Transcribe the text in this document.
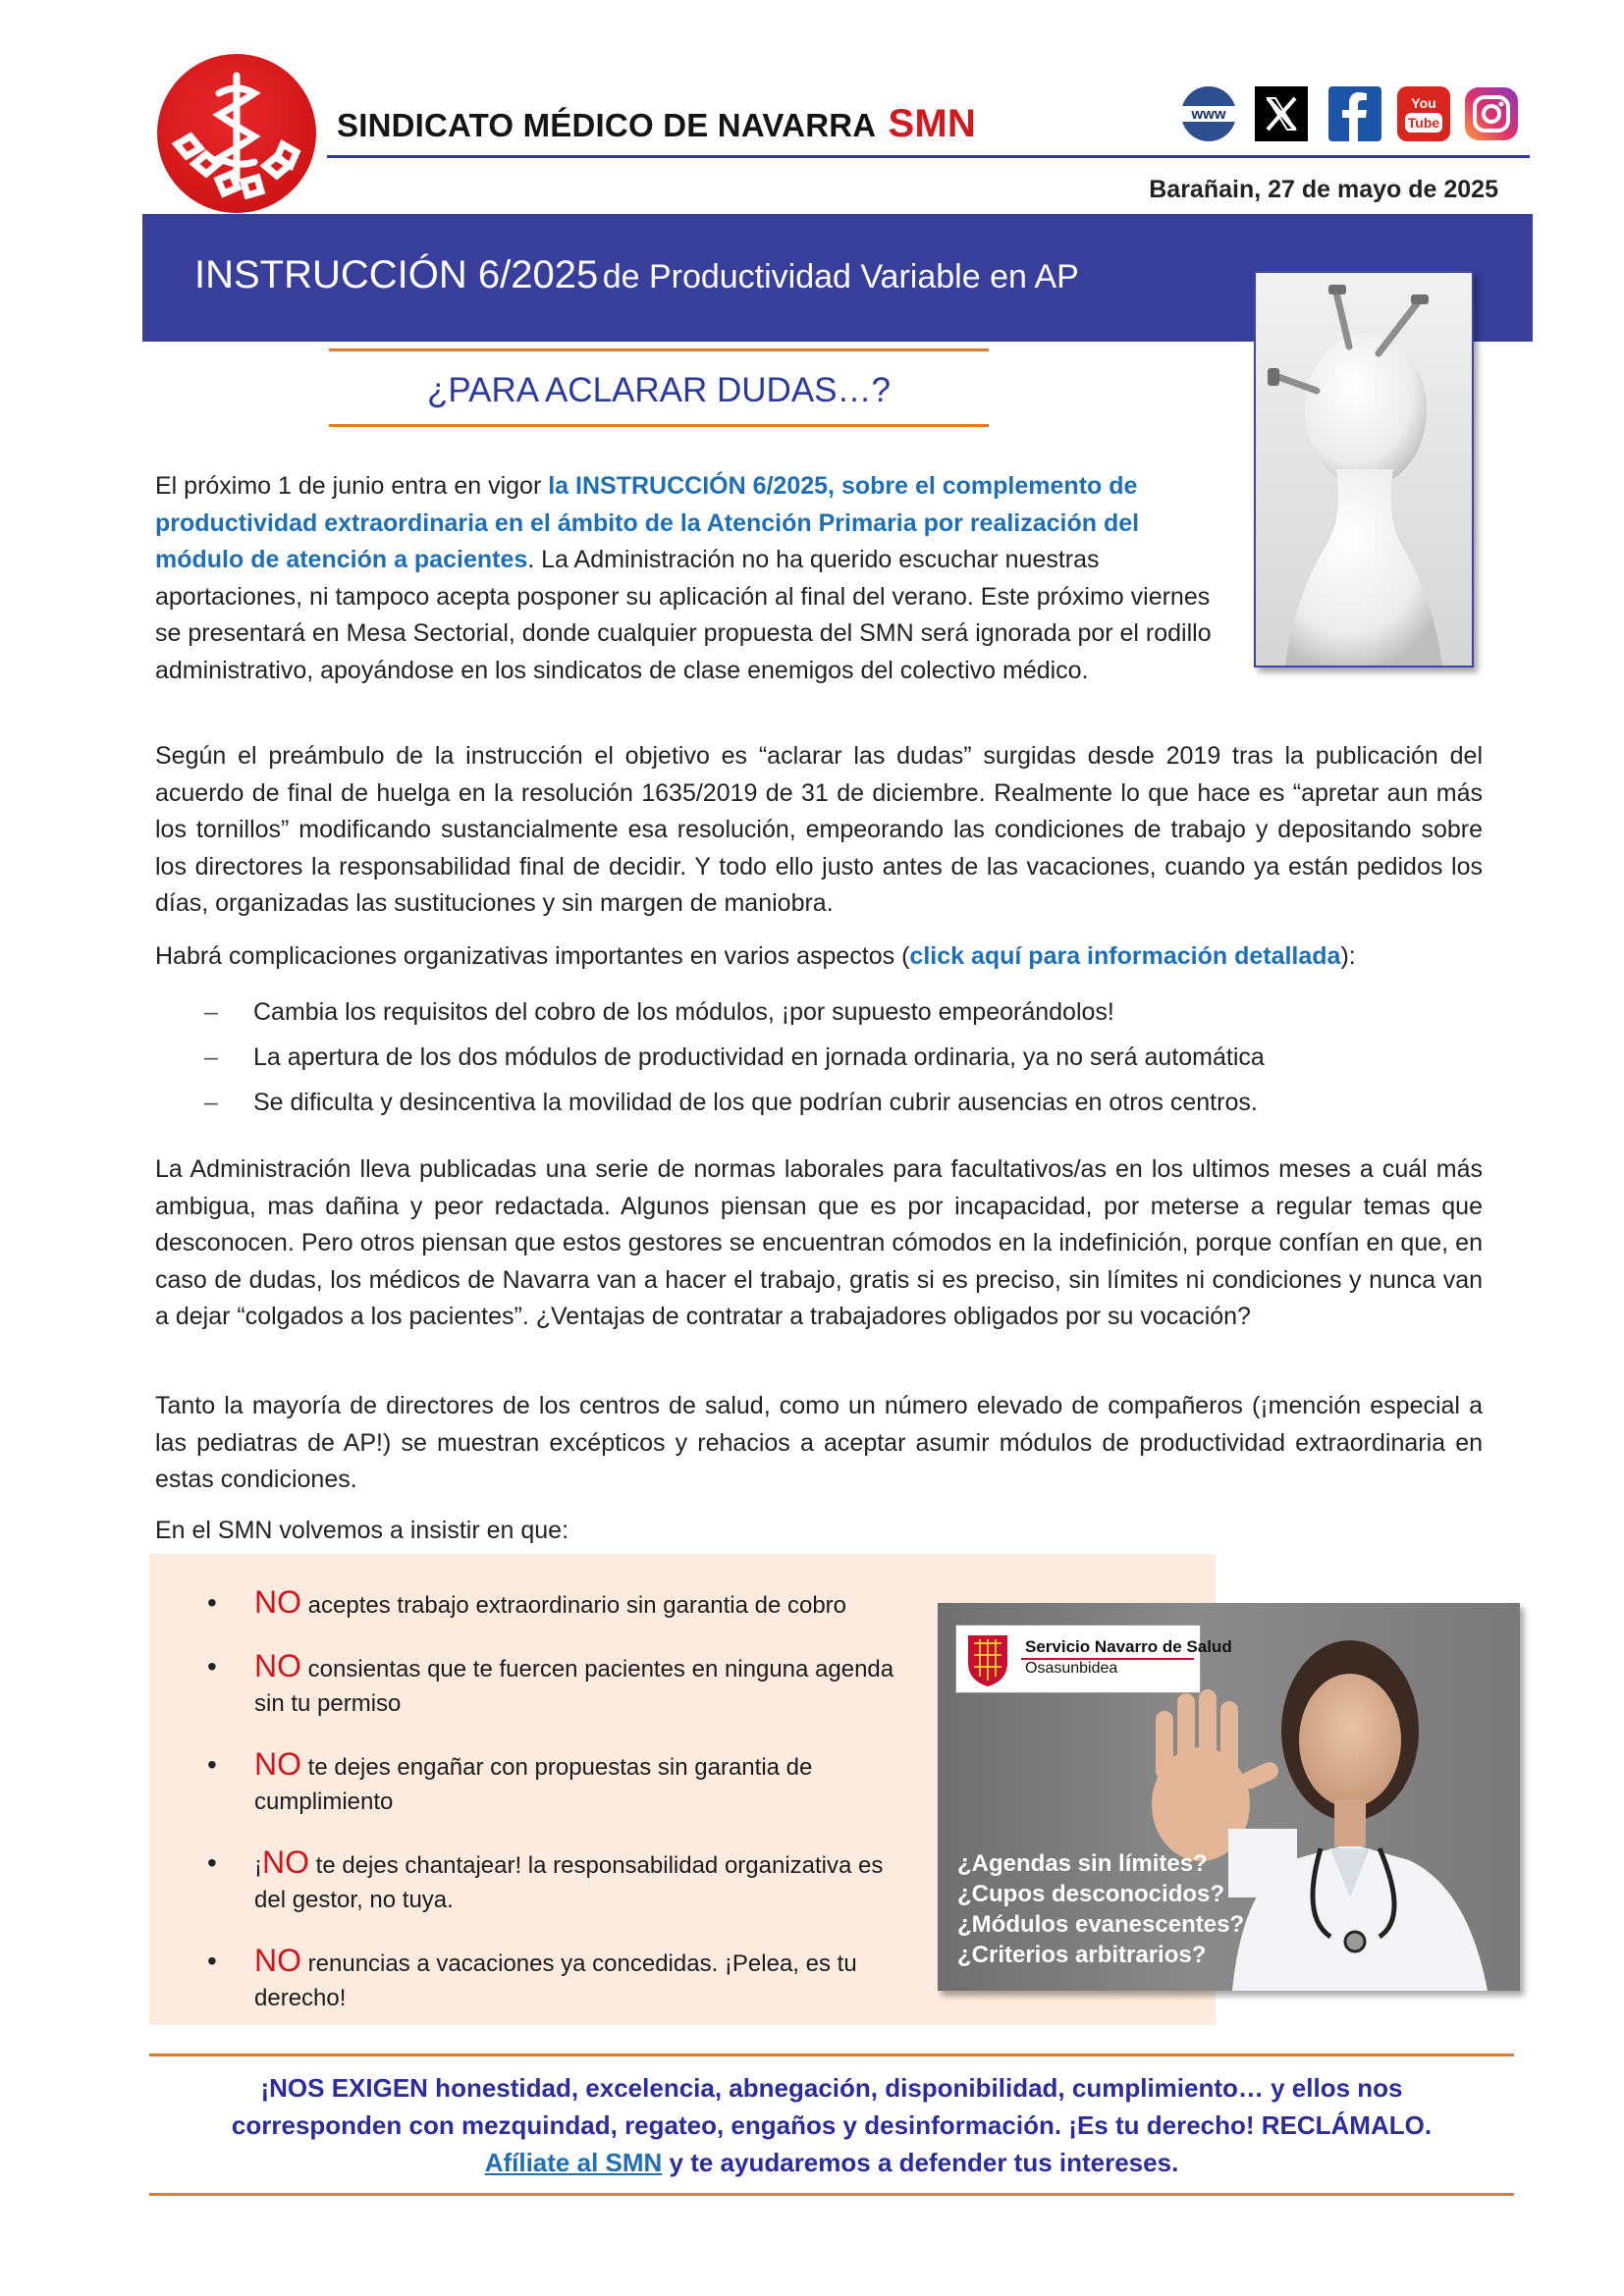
SINDICATO MÉDICO DE NAVARRA SMN	www
You
Tube
Barañain, 27 de mayo de 2025
INSTRUCCIÓN 6/2025 de Productividad Variable en AP
¿PARA ACLARAR DUDAS…?
El próximo 1 de junio entra en vigor la INSTRUCCIÓN 6/2025, sobre el complemento de productividad extraordinaria en el ámbito de la Atención Primaria por realización del módulo de atención a pacientes. La Administración no ha querido escuchar nuestras aportaciones, ni tampoco acepta posponer su aplicación al final del verano. Este próximo viernes se presentará en Mesa Sectorial, donde cualquier propuesta del SMN será ignorada por el rodillo administrativo, apoyándose en los sindicatos de clase enemigos del colectivo médico.
Según el preámbulo de la instrucción el objetivo es “aclarar las dudas” surgidas desde 2019 tras la publicación del acuerdo de final de huelga en la resolución 1635/2019 de 31 de diciembre. Realmente lo que hace es “apretar aun más los tornillos” modificando sustancialmente esa resolución, empeorando las condiciones de trabajo y depositando sobre los directores la responsabilidad final de decidir. Y todo ello justo antes de las vacaciones, cuando ya están pedidos los días, organizadas las sustituciones y sin margen de maniobra.
Habrá complicaciones organizativas importantes en varios aspectos (click aquí para información detallada):
–	Cambia los requisitos del cobro de los módulos, ¡por supuesto empeorándolos!
–	La apertura de los dos módulos de productividad en jornada ordinaria, ya no será automática
–	Se dificulta y desincentiva la movilidad de los que podrían cubrir ausencias en otros centros.
La Administración lleva publicadas una serie de normas laborales para facultativos/as en los ultimos meses a cuál más ambigua, mas dañina y peor redactada. Algunos piensan que es por incapacidad, por meterse a regular temas que desconocen. Pero otros piensan que estos gestores se encuentran cómodos en la indefinición, porque confían en que, en caso de dudas, los médicos de Navarra van a hacer el trabajo, gratis si es preciso, sin límites ni condiciones y nunca van a dejar “colgados a los pacientes”. ¿Ventajas de contratar a trabajadores obligados por su vocación?
Tanto la mayoría de directores de los centros de salud, como un número elevado de compañeros (¡mención especial a las pediatras de AP!) se muestran excépticos y rehacios a aceptar asumir módulos de productividad extraordinaria en estas condiciones.
En el SMN volvemos a insistir en que:
• NO aceptes trabajo extraordinario sin garantia de cobro
• NO consientas que te fuercen pacientes en ninguna agenda sin tu permiso
• NO te dejes engañar con propuestas sin garantia de cumplimiento
• ¡NO te dejes chantajear! la responsabilidad organizativa es del gestor, no tuya.
• NO renuncias a vacaciones ya concedidas. ¡Pelea, es tu derecho!
Servicio Navarro de Salud
Osasunbidea
¿Agendas sin límites?
¿Cupos desconocidos?
¿Módulos evanescentes?
¿Criterios arbitrarios?
¡NOS EXIGEN honestidad, excelencia, abnegación, disponibilidad, cumplimiento… y ellos nos
corresponden con mezquindad, regateo, engaños y desinformación. ¡Es tu derecho! RECLÁMALO.
Afíliate al SMN y te ayudaremos a defender tus intereses.
